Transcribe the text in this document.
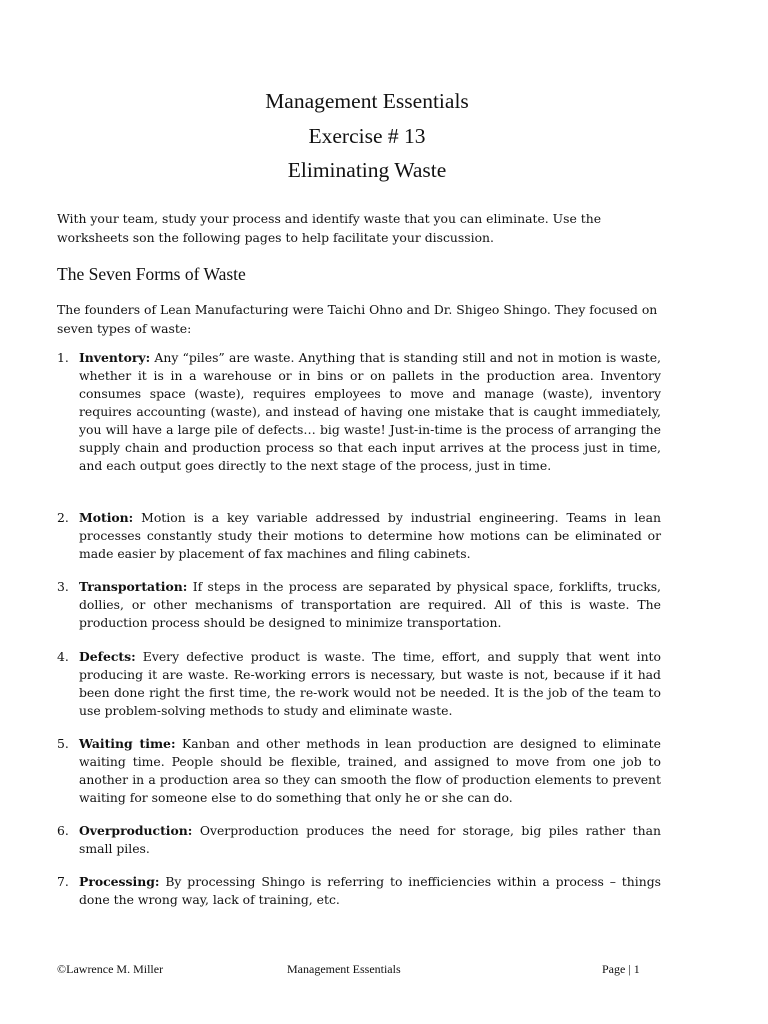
Management Essentials
Exercise # 13
Eliminating Waste

With your team, study your process and identify waste that you can eliminate. Use the worksheets son the following pages to help facilitate your discussion.

The Seven Forms of Waste

The founders of Lean Manufacturing were Taichi Ohno and Dr. Shigeo Shingo. They focused on seven types of waste:

1. Inventory: Any “piles” are waste. Anything that is standing still and not in motion is waste, whether it is in a warehouse or in bins or on pallets in the production area. Inventory consumes space (waste), requires employees to move and manage (waste), inventory requires accounting (waste), and instead of having one mistake that is caught immediately, you will have a large pile of defects… big waste! Just-in-time is the process of arranging the supply chain and production process so that each input arrives at the process just in time, and each output goes directly to the next stage of the process, just in time.
2. Motion: Motion is a key variable addressed by industrial engineering. Teams in lean processes constantly study their motions to determine how motions can be eliminated or made easier by placement of fax machines and filing cabinets.
3. Transportation: If steps in the process are separated by physical space, forklifts, trucks, dollies, or other mechanisms of transportation are required. All of this is waste. The production process should be designed to minimize transportation.
4. Defects: Every defective product is waste. The time, effort, and supply that went into producing it are waste. Re-working errors is necessary, but waste is not, because if it had been done right the first time, the re-work would not be needed. It is the job of the team to use problem-solving methods to study and eliminate waste.
5. Waiting time: Kanban and other methods in lean production are designed to eliminate waiting time. People should be flexible, trained, and assigned to move from one job to another in a production area so they can smooth the flow of production elements to prevent waiting for someone else to do something that only he or she can do.
6. Overproduction: Overproduction produces the need for storage, big piles rather than small piles.
7. Processing: By processing Shingo is referring to inefficiencies within a process – things done the wrong way, lack of training, etc.
©Lawrence M. Miller	Management Essentials	Page | 1
